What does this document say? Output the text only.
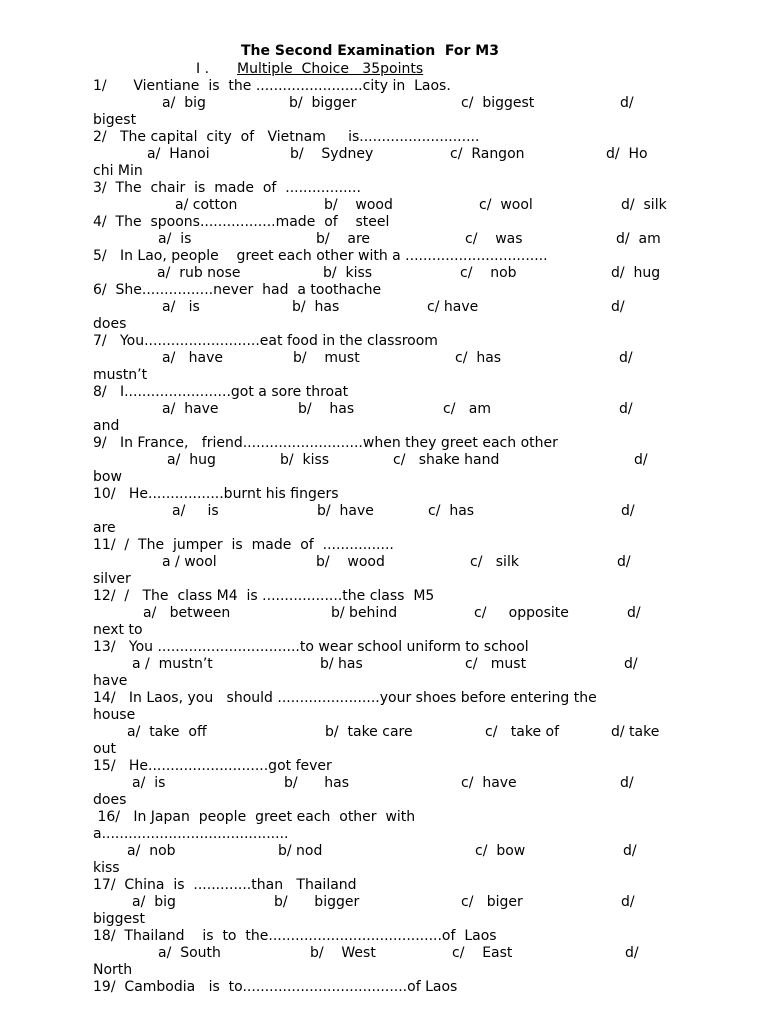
The Second Examination  For M3
I . Multiple  Choice   35points
1/      Vientiane  is  the ........................city in  Laos.

a/  big

	b/  bigger

	c/  biggest

	d/

bigest
2/   The capital  city  of   Vietnam     is...........................

a/  Hanoi

	b/    Sydney

	c/  Rangon

	d/  Ho

chi Min
3/  The  chair  is  made  of  .................

a/ cotton

	b/    wood

	c/  wool

	d/  silk

4/  The  spoons.................made  of    steel

a/  is

	b/    are

	c/    was

	d/  am

5/   In Lao, people    greet each other with a ................................

a/  rub nose

	b/  kiss

	c/    nob

	d/  hug

6/  She................never  had  a toothache

a/   is

	b/  has

	c/ have

	d/

does
7/   You..........................eat food in the classroom

a/   have

	b/    must

	c/  has

	d/

mustn’t
8/   I........................got a sore throat

a/  have

	b/    has

	c/   am

	d/

and
9/   In France,   friend...........................when they greet each other

a/  hug

	b/  kiss

	c/   shake hand

	d/

bow
10/   He.................burnt his fingers

a/     is

	b/  have

	c/  has

	d/

are
11/  /  The  jumper  is  made  of  ................

a / wool

	b/    wood

	c/   silk

	d/

silver
12/  /   The  class M4  is ..................the class  M5

a/   between

	b/ behind

	c/     opposite

	d/

next to
13/   You ................................to wear school uniform to school

a /  mustn’t

	b/ has

	c/   must

	d/

have
14/   In Laos, you   should .......................your shoes before entering the
house

a/  take  off

	b/  take care

	c/   take of

	d/ take

out
15/   He...........................got fever

a/  is

	b/      has

	c/  have

	d/

does
16/   In Japan  people  greet each  other  with
a..........................................

a/  nob

	b/ nod

	c/  bow

	d/

kiss
17/  China  is  .............than   Thailand

a/  big

	b/      bigger

	c/   biger

	d/

biggest
18/  Thailand    is  to  the.......................................of  Laos

a/  South

	b/    West

	c/    East

	d/

North
19/  Cambodia   is  to.....................................of Laos
